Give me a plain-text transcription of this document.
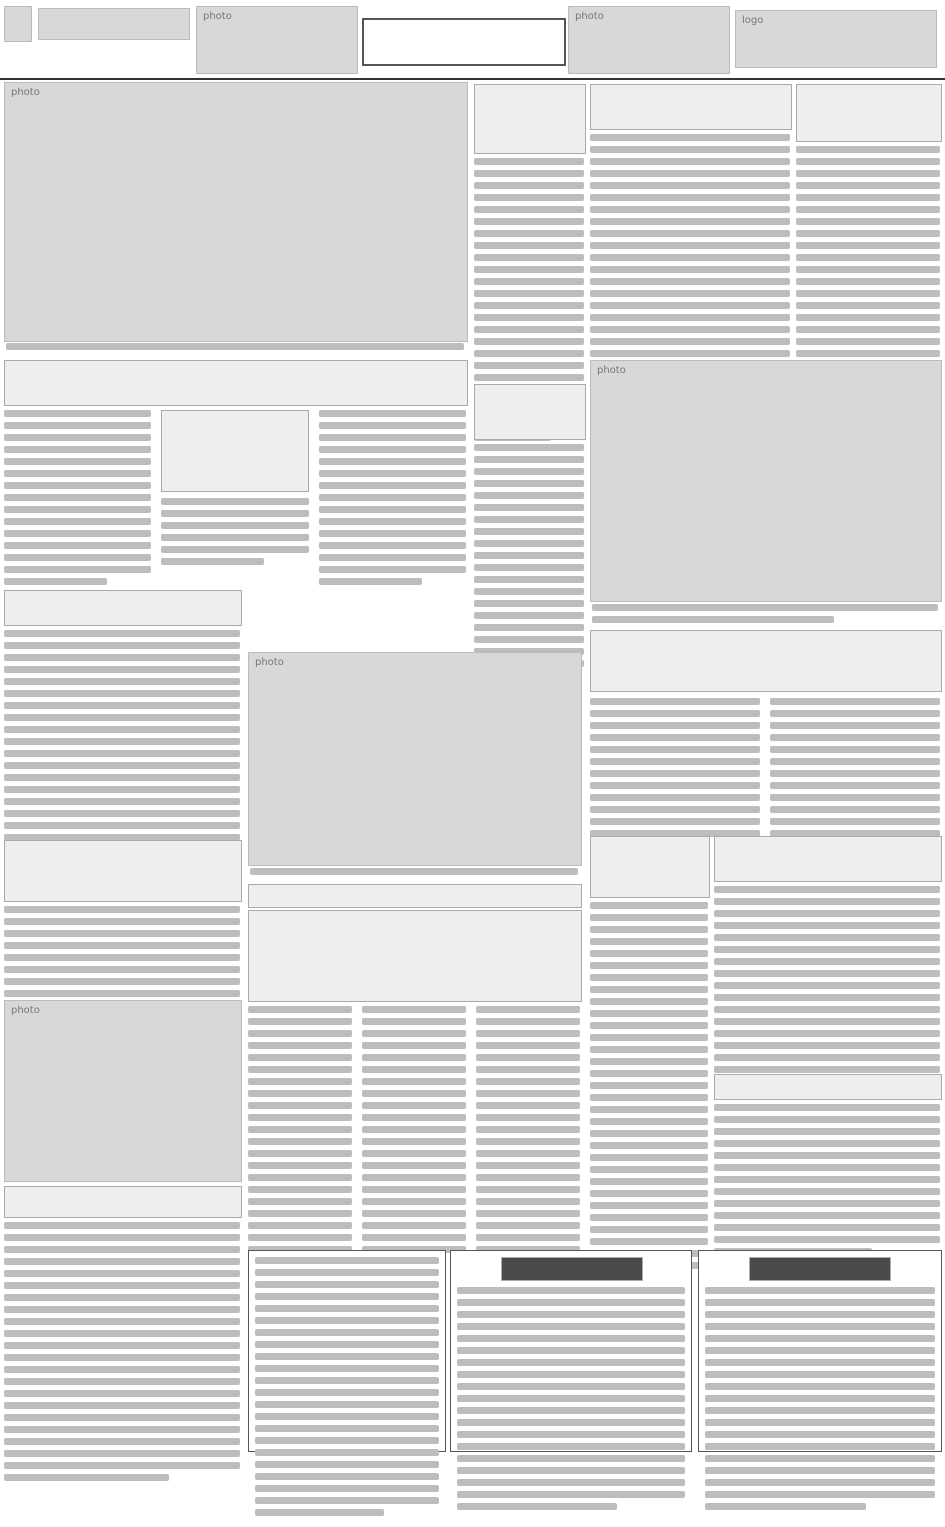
photo	photo	logo
photo
photo
photo
photo
